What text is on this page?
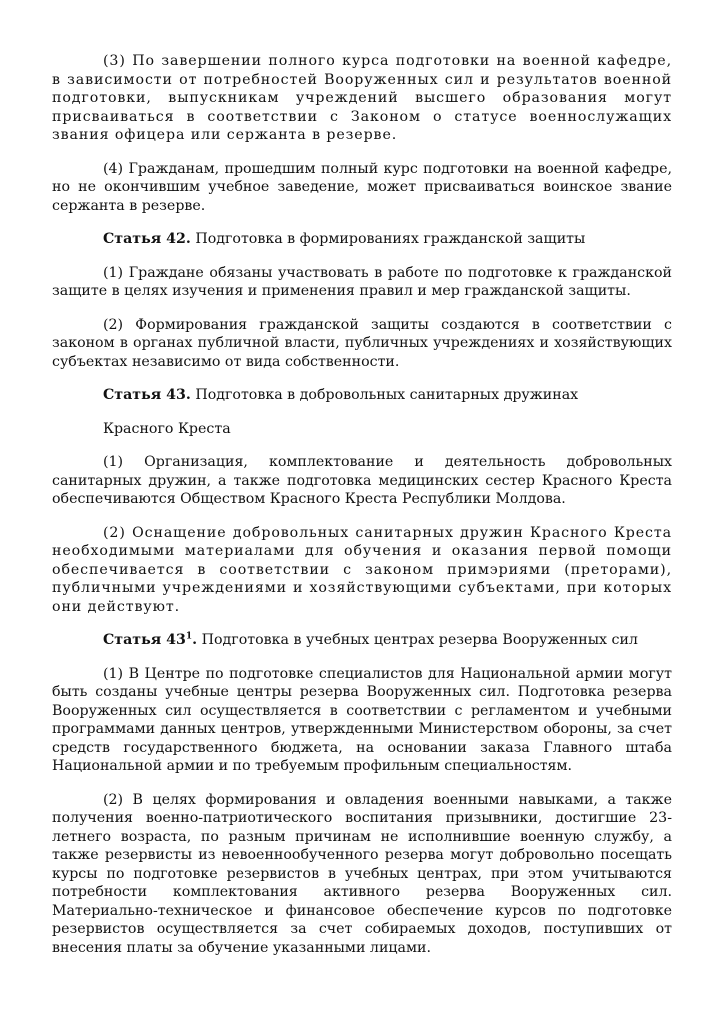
(3) По завершении полного курса подготовки на военной кафедре, в зависимости от потребностей Вооруженных сил и результатов военной подготовки, выпускникам учреждений высшего образования могут присваиваться в соответствии с Законом о статусе военнослужащих звания офицера или сержанта в резерве.

(4) Гражданам, прошедшим полный курс подготовки на военной кафедре, но не окончившим учебное заведение, может присваиваться воинское звание сержанта в резерве.

Статья 42. Подготовка в формированиях гражданской защиты

(1) Граждане обязаны участвовать в работе по подготовке к гражданской защите в целях изучения и применения правил и мер гражданской защиты.

(2) Формирования гражданской защиты создаются в соответствии с законом в органах публичной власти, публичных учреждениях и хозяйствующих субъектах независимо от вида собственности.

Статья 43. Подготовка в добровольных санитарных дружинах

Красного Креста

(1) Организация, комплектование и деятельность добровольных санитарных дружин, а также подготовка медицинских сестер Красного Креста обеспечиваются Обществом Красного Креста Республики Молдова.

(2) Оснащение добровольных санитарных дружин Красного Креста необходимыми материалами для обучения и оказания первой помощи обеспечивается в соответствии с законом примэриями (преторами), публичными учреждениями и хозяйствующими субъектами, при которых они действуют.

Статья $43^1$. Подготовка в учебных центрах резерва Вооруженных сил

(1) В Центре по подготовке специалистов для Национальной армии могут быть созданы учебные центры резерва Вооруженных сил. Подготовка резерва Вооруженных сил осуществляется в соответствии с регламентом и учебными программами данных центров, утвержденными Министерством обороны, за счет средств государственного бюджета, на основании заказа Главного штаба Национальной армии и по требуемым профильным специальностям.

(2) В целях формирования и овладения военными навыками, а также получения военно-патриотического воспитания призывники, достигшие 23-летнего возраста, по разным причинам не исполнившие военную службу, а также резервисты из невоеннообученного резерва могут добровольно посещать курсы по подготовке резервистов в учебных центрах, при этом учитываются потребности комплектования активного резерва Вооруженных сил. Материально-техническое и финансовое обеспечение курсов по подготовке резервистов осуществляется за счет собираемых доходов, поступивших от внесения платы за обучение указанными лицами.
